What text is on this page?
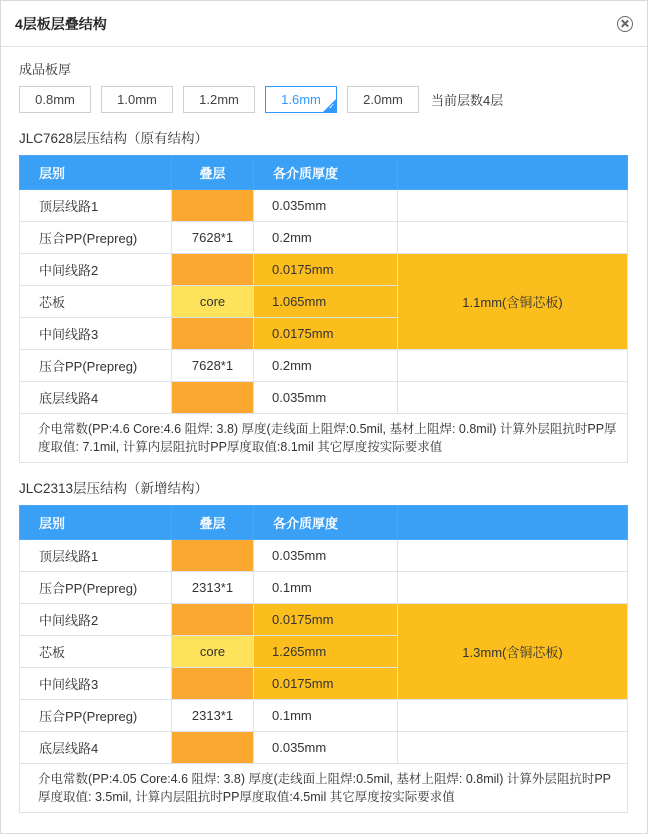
4层板层叠结构
成品板厚
0.8mm	1.0mm	1.2mm	1.6mm ✓	2.0mm	当前层数4层
JLC7628层压结构（原有结构）
层别	叠层	各介质厚度	
顶层线路1		0.035mm	
压合PP(Prepreg)	7628*1	0.2mm	
中间线路2		0.0175mm	1.1mm(含铜芯板)
芯板	core	1.065mm	
中间线路3		0.0175mm	
压合PP(Prepreg)	7628*1	0.2mm	
底层线路4		0.035mm	
介电常数(PP:4.6 Core:4.6 阻焊: 3.8) 厚度(走线面上阻焊:0.5mil, 基材上阻焊: 0.8mil) 计算外层阻抗时PP厚度取值: 7.1mil, 计算内层阻抗时PP厚度取值:8.1mil 其它厚度按实际要求值			
JLC2313层压结构（新增结构）
层别	叠层	各介质厚度	
顶层线路1		0.035mm	
压合PP(Prepreg)	2313*1	0.1mm	
中间线路2		0.0175mm	1.3mm(含铜芯板)
芯板	core	1.265mm	
中间线路3		0.0175mm	
压合PP(Prepreg)	2313*1	0.1mm	
底层线路4		0.035mm	
介电常数(PP:4.05 Core:4.6 阻焊: 3.8) 厚度(走线面上阻焊:0.5mil, 基材上阻焊: 0.8mil) 计算外层阻抗时PP厚度取值: 3.5mil, 计算内层阻抗时PP厚度取值:4.5mil 其它厚度按实际要求值			
